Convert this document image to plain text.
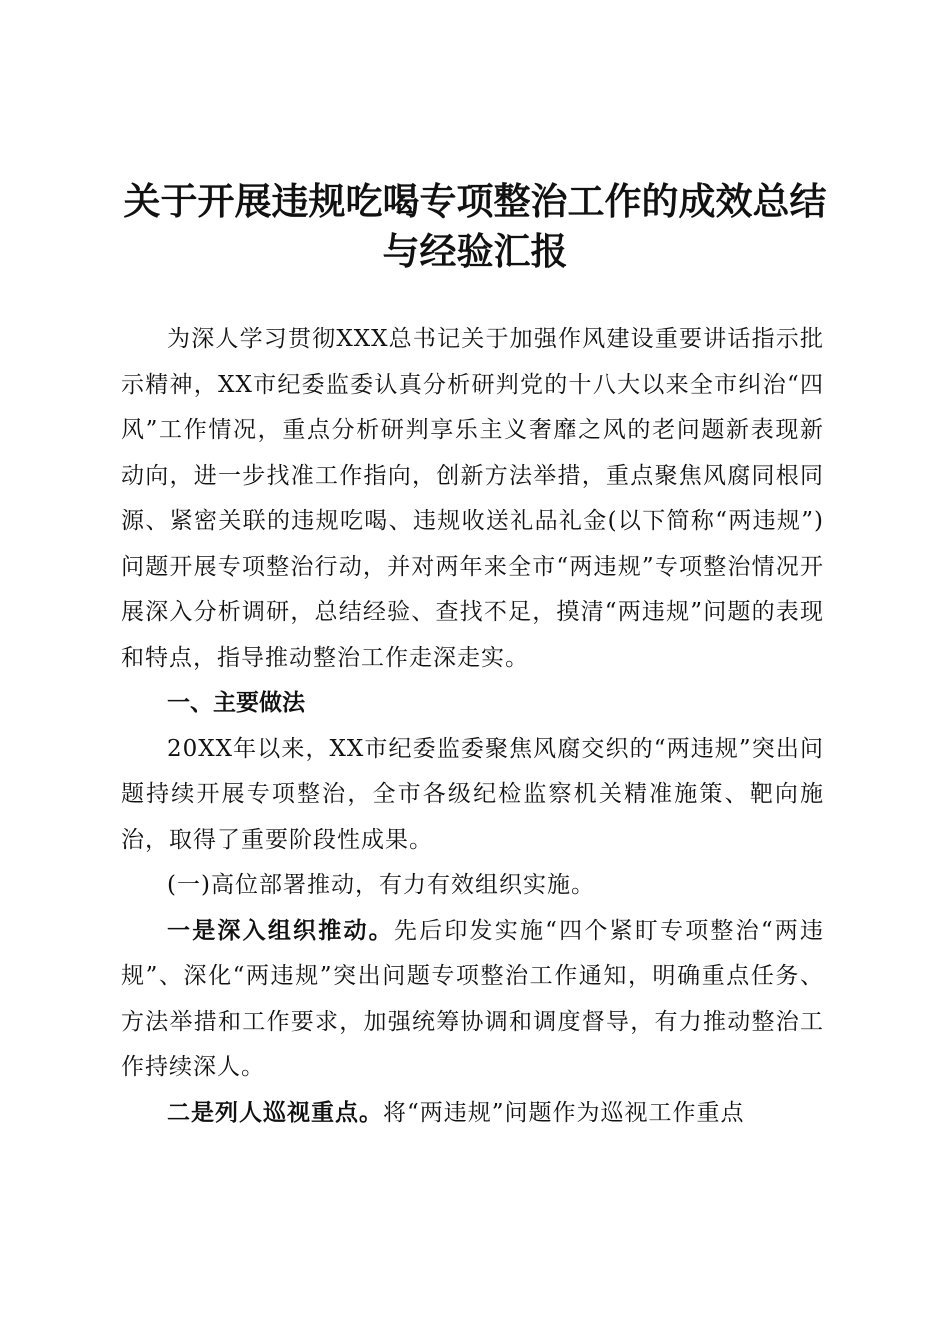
关于开展违规吃喝专项整治工作的成效总结与经验汇报

为深人学习贯彻XXX总书记关于加强作风建设重要讲话指示批示精神，XX市纪委监委认真分析研判党的十八大以来全市纠治“四风”工作情况，重点分析研判享乐主义奢靡之风的老问题新表现新动向，进一步找准工作指向，创新方法举措，重点聚焦风腐同根同源、紧密关联的违规吃喝、违规收送礼品礼金(以下简称“两违规”)问题开展专项整治行动，并对两年来全市“两违规”专项整治情况开展深入分析调研，总结经验、查找不足，摸清“两违规”问题的表现和特点，指导推动整治工作走深走实。

一、主要做法

20XX年以来，XX市纪委监委聚焦风腐交织的“两违规”突出问题持续开展专项整治，全市各级纪检监察机关精准施策、靶向施治，取得了重要阶段性成果。

(一)高位部署推动，有力有效组织实施。

一是深入组织推动。先后印发实施“四个紧盯专项整治“两违规”、深化“两违规”突出问题专项整治工作通知，明确重点任务、方法举措和工作要求，加强统筹协调和调度督导，有力推动整治工作持续深人。

二是列人巡视重点。将“两违规”问题作为巡视工作重点
